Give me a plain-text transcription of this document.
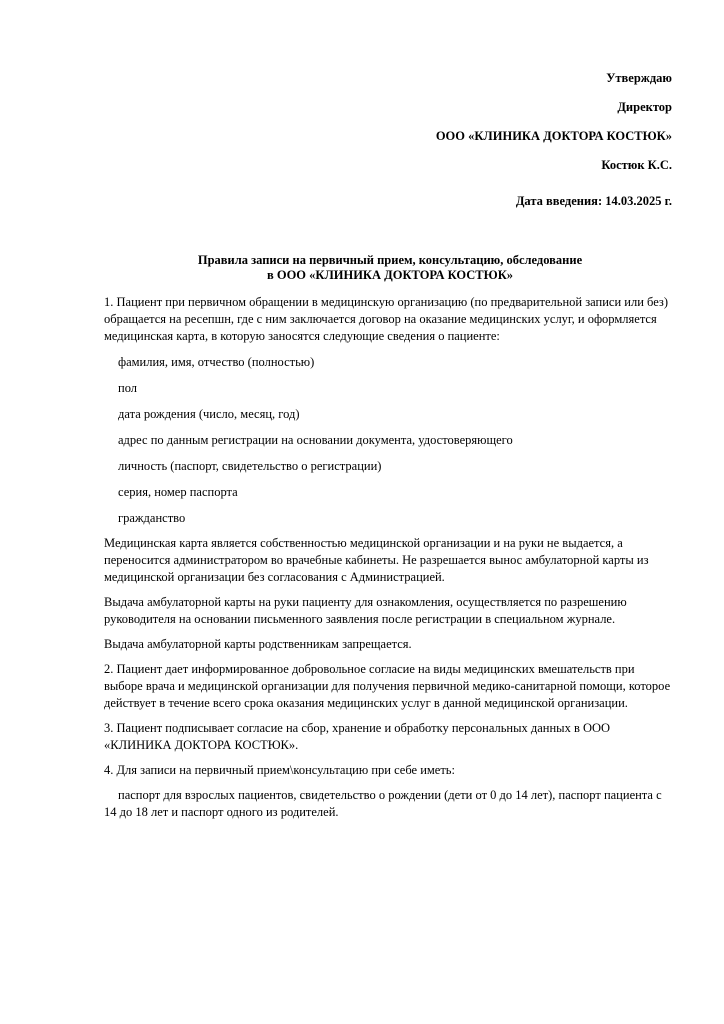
Утверждаю
Директор
ООО «КЛИНИКА ДОКТОРА КОСТЮК»
Костюк К.С.
Дата введения: 14.03.2025 г.
Правила записи на первичный прием, консультацию, обследование
в ООО «КЛИНИКА ДОКТОРА КОСТЮК»

1. Пациент при первичном обращении в медицинскую организацию (по предварительной записи или без) обращается на ресепшн, где с ним заключается договор на оказание медицинских услуг, и оформляется медицинская карта, в которую заносятся следующие сведения о пациенте:

фамилия, имя, отчество (полностью)
пол
дата рождения (число, месяц, год)
адрес по данным регистрации на основании документа, удостоверяющего
личность (паспорт, свидетельство о регистрации)
серия, номер паспорта
гражданство

Медицинская карта является собственностью медицинской организации и на руки не выдается, а переносится администратором во врачебные кабинеты. Не разрешается вынос амбулаторной карты из медицинской организации без согласования с Администрацией.

Выдача амбулаторной карты на руки пациенту для ознакомления, осуществляется по разрешению руководителя на основании письменного заявления после регистрации в специальном журнале.

Выдача амбулаторной карты родственникам запрещается.

2. Пациент дает информированное добровольное согласие на виды медицинских вмешательств при выборе врача и медицинской организации для получения первичной медико-санитарной помощи, которое действует в течение всего срока оказания медицинских услуг в данной медицинской организации.

3. Пациент подписывает согласие на сбор, хранение и обработку персональных данных в ООО «КЛИНИКА ДОКТОРА КОСТЮК».

4. Для записи на первичный прием\консультацию при себе иметь:

паспорт для взрослых пациентов, свидетельство о рождении (дети от 0 до 14 лет), паспорт пациента с 14 до 18 лет и паспорт одного из родителей.
